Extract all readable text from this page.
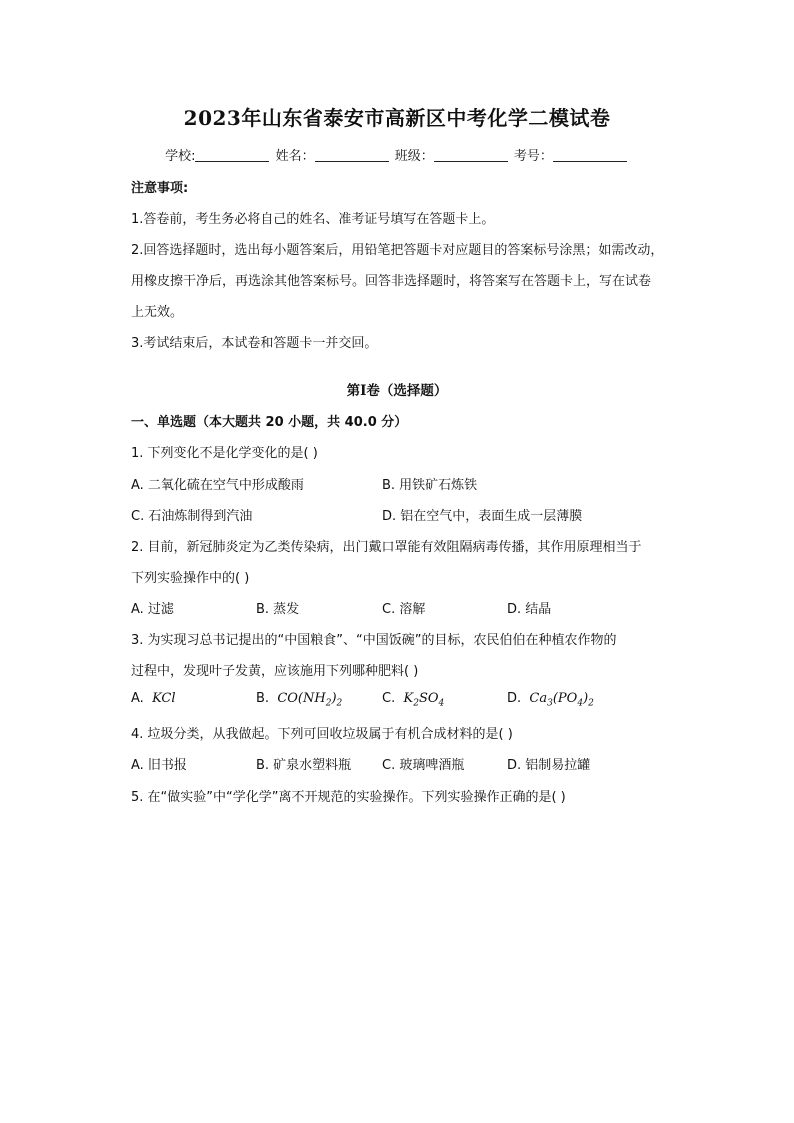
2023年山东省泰安市高新区中考化学二模试卷
学校:	姓名：	班级：	考号：
注意事项:
1.答卷前，考生务必将自己的姓名、准考证号填写在答题卡上。
2.回答选择题时，选出每小题答案后，用铅笔把答题卡对应题目的答案标号涂黑；如需改动，
用橡皮擦干净后，再选涂其他答案标号。回答非选择题时，将答案写在答题卡上，写在试卷
上无效。
3.考试结束后，本试卷和答题卡一并交回。
第Ⅰ卷（选择题）
一、单选题（本大题共 20 小题，共 40.0 分）
1. 下列变化不是化学变化的是( )
A. 二氧化硫在空气中形成酸雨	B. 用铁矿石炼铁
C. 石油炼制得到汽油	D. 铝在空气中，表面生成一层薄膜
2. 目前，新冠肺炎定为乙类传染病，出门戴口罩能有效阻隔病毒传播，其作用原理相当于
下列实验操作中的( )
A. 过滤	B. 蒸发	C. 溶解	D. 结晶
3. 为实现习总书记提出的“中国粮食”、“中国饭碗”的目标，农民伯伯在种植农作物的
过程中，发现叶子发黄，应该施用下列哪种肥料( )
A. KCl	B. $CO(NH_2)_2$	C. $K_2SO_4$	D. $Ca_3(PO_4)_2$
4. 垃圾分类，从我做起。下列可回收垃圾属于有机合成材料的是( )
A. 旧书报	B. 矿泉水塑料瓶 C. 玻璃啤酒瓶	D. 铝制易拉罐
5. 在“做实验”中“学化学”离不开规范的实验操作。下列实验操作正确的是( )
